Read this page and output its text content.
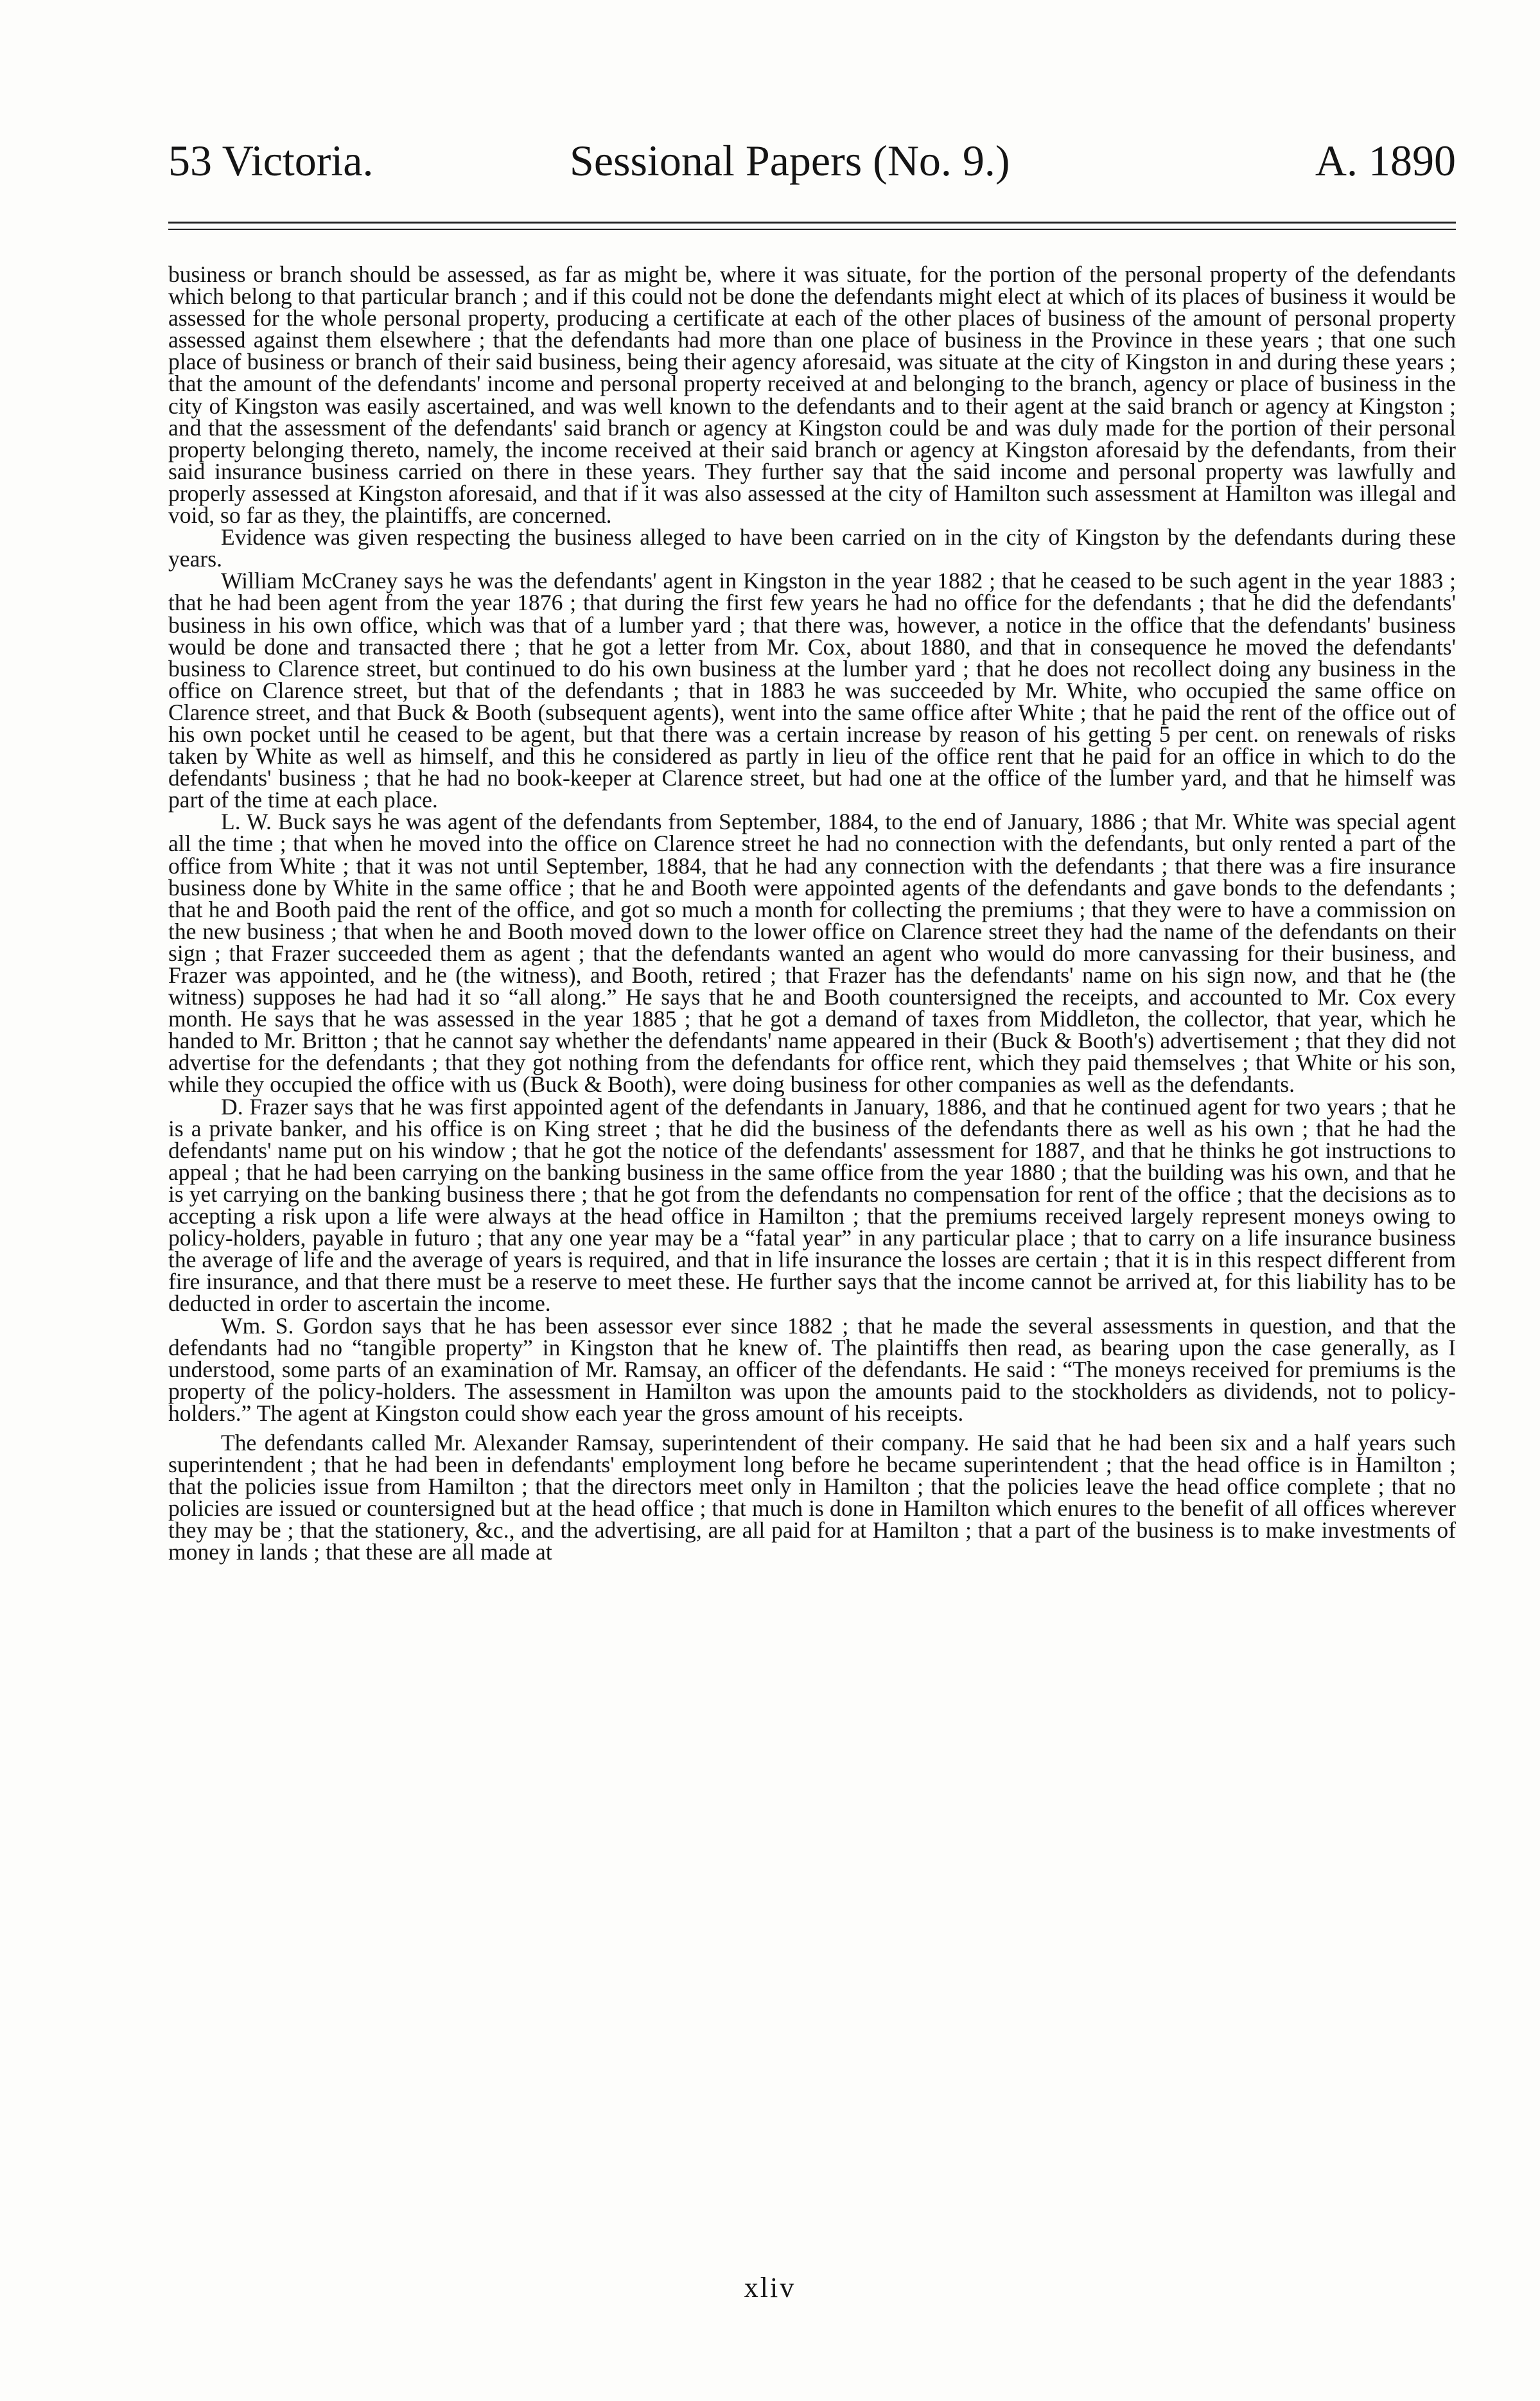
53 Victoria.	Sessional Papers (No. 9.)	A. 1890

business or branch should be assessed, as far as might be, where it was situate, for the portion of the personal property of the defendants which belong to that particular branch ; and if this could not be done the defendants might elect at which of its places of business it would be assessed for the whole personal property, producing a certificate at each of the other places of business of the amount of personal property assessed against them elsewhere ; that the defendants had more than one place of business in the Province in these years ; that one such place of business or branch of their said business, being their agency aforesaid, was situate at the city of Kingston in and during these years ; that the amount of the defendants' income and personal property received at and belonging to the branch, agency or place of business in the city of Kingston was easily ascertained, and was well known to the defendants and to their agent at the said branch or agency at Kingston ; and that the assessment of the defendants' said branch or agency at Kingston could be and was duly made for the portion of their personal property belonging thereto, namely, the income received at their said branch or agency at Kingston aforesaid by the defendants, from their said insurance business carried on there in these years. They further say that the said income and personal property was lawfully and properly assessed at Kingston aforesaid, and that if it was also assessed at the city of Hamilton such assessment at Hamilton was illegal and void, so far as they, the plaintiffs, are concerned.

Evidence was given respecting the business alleged to have been carried on in the city of Kingston by the defendants during these years.

William McCraney says he was the defendants' agent in Kingston in the year 1882 ; that he ceased to be such agent in the year 1883 ; that he had been agent from the year 1876 ; that during the first few years he had no office for the defendants ; that he did the defendants' business in his own office, which was that of a lumber yard ; that there was, however, a notice in the office that the defendants' business would be done and transacted there ; that he got a letter from Mr. Cox, about 1880, and that in consequence he moved the defendants' business to Clarence street, but continued to do his own business at the lumber yard ; that he does not recollect doing any business in the office on Clarence street, but that of the defendants ; that in 1883 he was succeeded by Mr. White, who occupied the same office on Clarence street, and that Buck & Booth (subsequent agents), went into the same office after White ; that he paid the rent of the office out of his own pocket until he ceased to be agent, but that there was a certain increase by reason of his getting 5 per cent. on renewals of risks taken by White as well as himself, and this he considered as partly in lieu of the office rent that he paid for an office in which to do the defendants' business ; that he had no book-keeper at Clarence street, but had one at the office of the lumber yard, and that he himself was part of the time at each place.

L. W. Buck says he was agent of the defendants from September, 1884, to the end of January, 1886 ; that Mr. White was special agent all the time ; that when he moved into the office on Clarence street he had no connection with the defendants, but only rented a part of the office from White ; that it was not until September, 1884, that he had any connection with the defendants ; that there was a fire insurance business done by White in the same office ; that he and Booth were appointed agents of the defendants and gave bonds to the defendants ; that he and Booth paid the rent of the office, and got so much a month for collecting the premiums ; that they were to have a commission on the new business ; that when he and Booth moved down to the lower office on Clarence street they had the name of the defendants on their sign ; that Frazer succeeded them as agent ; that the defendants wanted an agent who would do more canvassing for their business, and Frazer was appointed, and he (the witness), and Booth, retired ; that Frazer has the defendants' name on his sign now, and that he (the witness) supposes he had had it so “all along.” He says that he and Booth countersigned the receipts, and accounted to Mr. Cox every month. He says that he was assessed in the year 1885 ; that he got a demand of taxes from Middleton, the collector, that year, which he handed to Mr. Britton ; that he cannot say whether the defendants' name appeared in their (Buck & Booth's) advertisement ; that they did not advertise for the defendants ; that they got nothing from the defendants for office rent, which they paid themselves ; that White or his son, while they occupied the office with us (Buck & Booth), were doing business for other companies as well as the defendants.

D. Frazer says that he was first appointed agent of the defendants in January, 1886, and that he continued agent for two years ; that he is a private banker, and his office is on King street ; that he did the business of the defendants there as well as his own ; that he had the defendants' name put on his window ; that he got the notice of the defendants' assessment for 1887, and that he thinks he got instructions to appeal ; that he had been carrying on the banking business in the same office from the year 1880 ; that the building was his own, and that he is yet carrying on the banking business there ; that he got from the defendants no compensation for rent of the office ; that the decisions as to accepting a risk upon a life were always at the head office in Hamilton ; that the premiums received largely represent moneys owing to policy-holders, payable in futuro ; that any one year may be a “fatal year” in any particular place ; that to carry on a life insurance business the average of life and the average of years is required, and that in life insurance the losses are certain ; that it is in this respect different from fire insurance, and that there must be a reserve to meet these. He further says that the income cannot be arrived at, for this liability has to be deducted in order to ascertain the income.

Wm. S. Gordon says that he has been assessor ever since 1882 ; that he made the several assessments in question, and that the defendants had no “tangible property” in Kingston that he knew of. The plaintiffs then read, as bearing upon the case generally, as I understood, some parts of an examination of Mr. Ramsay, an officer of the defendants. He said : “The moneys received for premiums is the property of the policy-holders. The assessment in Hamilton was upon the amounts paid to the stockholders as dividends, not to policy-holders.” The agent at Kingston could show each year the gross amount of his receipts.

The defendants called Mr. Alexander Ramsay, superintendent of their company. He said that he had been six and a half years such superintendent ; that he had been in defendants' employment long before he became superintendent ; that the head office is in Hamilton ; that the policies issue from Hamilton ; that the directors meet only in Hamilton ; that the policies leave the head office complete ; that no policies are issued or countersigned but at the head office ; that much is done in Hamilton which enures to the benefit of all offices wherever they may be ; that the stationery, &c., and the advertising, are all paid for at Hamilton ; that a part of the business is to make investments of money in lands ; that these are all made at

xliv
